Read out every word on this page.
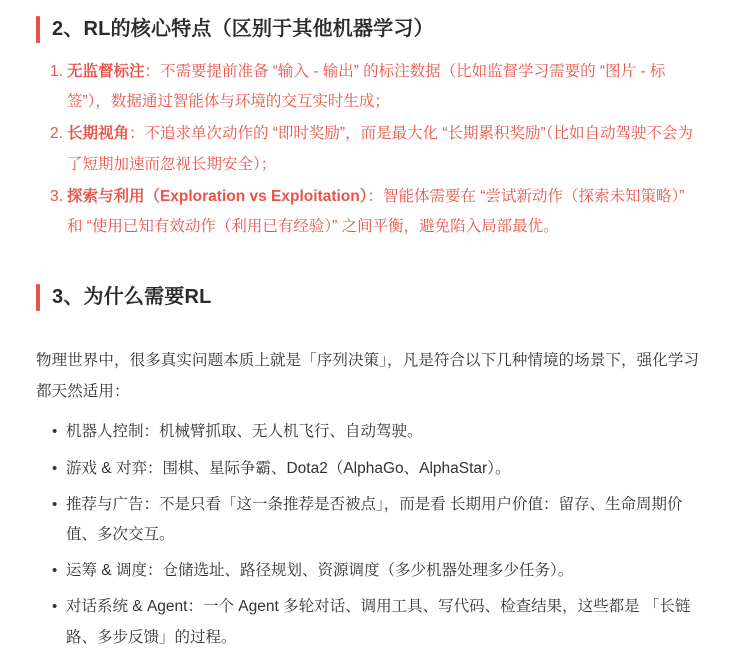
2、RL的核心特点（区别于其他机器学习）
1. 无监督标注：不需要提前准备 “输入 - 输出” 的标注数据（比如监督学习需要的 “图片 - 标签”），数据通过智能体与环境的交互实时生成；
2. 长期视角：不追求单次动作的 “即时奖励”，而是最大化 “长期累积奖励”（比如自动驾驶不会为了短期加速而忽视长期安全）；
3. 探索与利用（Exploration vs Exploitation）：智能体需要在 “尝试新动作（探索未知策略）” 和 “使用已知有效动作（利用已有经验）” 之间平衡，避免陷入局部最优。
3、为什么需要RL

物理世界中，很多真实问题本质上就是「序列决策」，凡是符合以下几种情境的场景下，强化学习都天然适用：

• 机器人控制：机械臂抓取、无人机飞行、自动驾驶。
• 游戏 & 对弈：围棋、星际争霸、Dota2（AlphaGo、AlphaStar）。
• 推荐与广告：不是只看「这一条推荐是否被点」，而是看 长期用户价值：留存、生命周期价值、多次交互。
• 运筹 & 调度：仓储选址、路径规划、资源调度（多少机器处理多少任务）。
• 对话系统 & Agent：一个 Agent 多轮对话、调用工具、写代码、检查结果，这些都是 「长链路、多步反馈」的过程。
